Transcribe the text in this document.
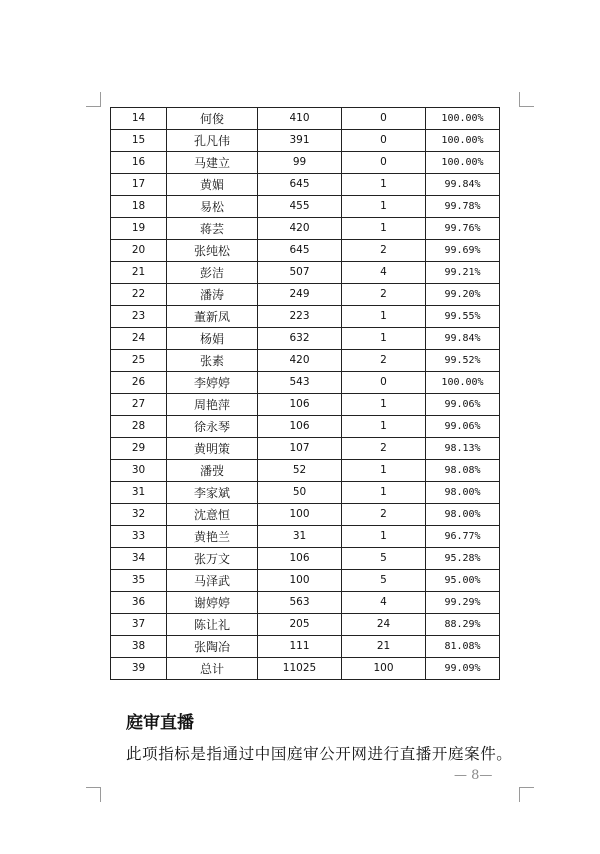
14	何俊	410	0	100.00%
15	孔凡伟	391	0	100.00%
16	马建立	99	0	100.00%
17	黄媚	645	1	99.84%
18	易松	455	1	99.78%
19	蒋芸	420	1	99.76%
20	张纯松	645	2	99.69%
21	彭洁	507	4	99.21%
22	潘涛	249	2	99.20%
23	董新凤	223	1	99.55%
24	杨娟	632	1	99.84%
25	张素	420	2	99.52%
26	李婷婷	543	0	100.00%
27	周艳萍	106	1	99.06%
28	徐永琴	106	1	99.06%
29	黄明策	107	2	98.13%
30	潘弢	52	1	98.08%
31	李家斌	50	1	98.00%
32	沈意恒	100	2	98.00%
33	黄艳兰	31	1	96.77%
34	张万文	106	5	95.28%
35	马泽武	100	5	95.00%
36	谢婷婷	563	4	99.29%
37	陈让礼	205	24	88.29%
38	张陶冶	111	21	81.08%
39	总计	11025	100	99.09%
庭审直播

此项指标是指通过中国庭审公开网进行直播开庭案件。

— 8—
